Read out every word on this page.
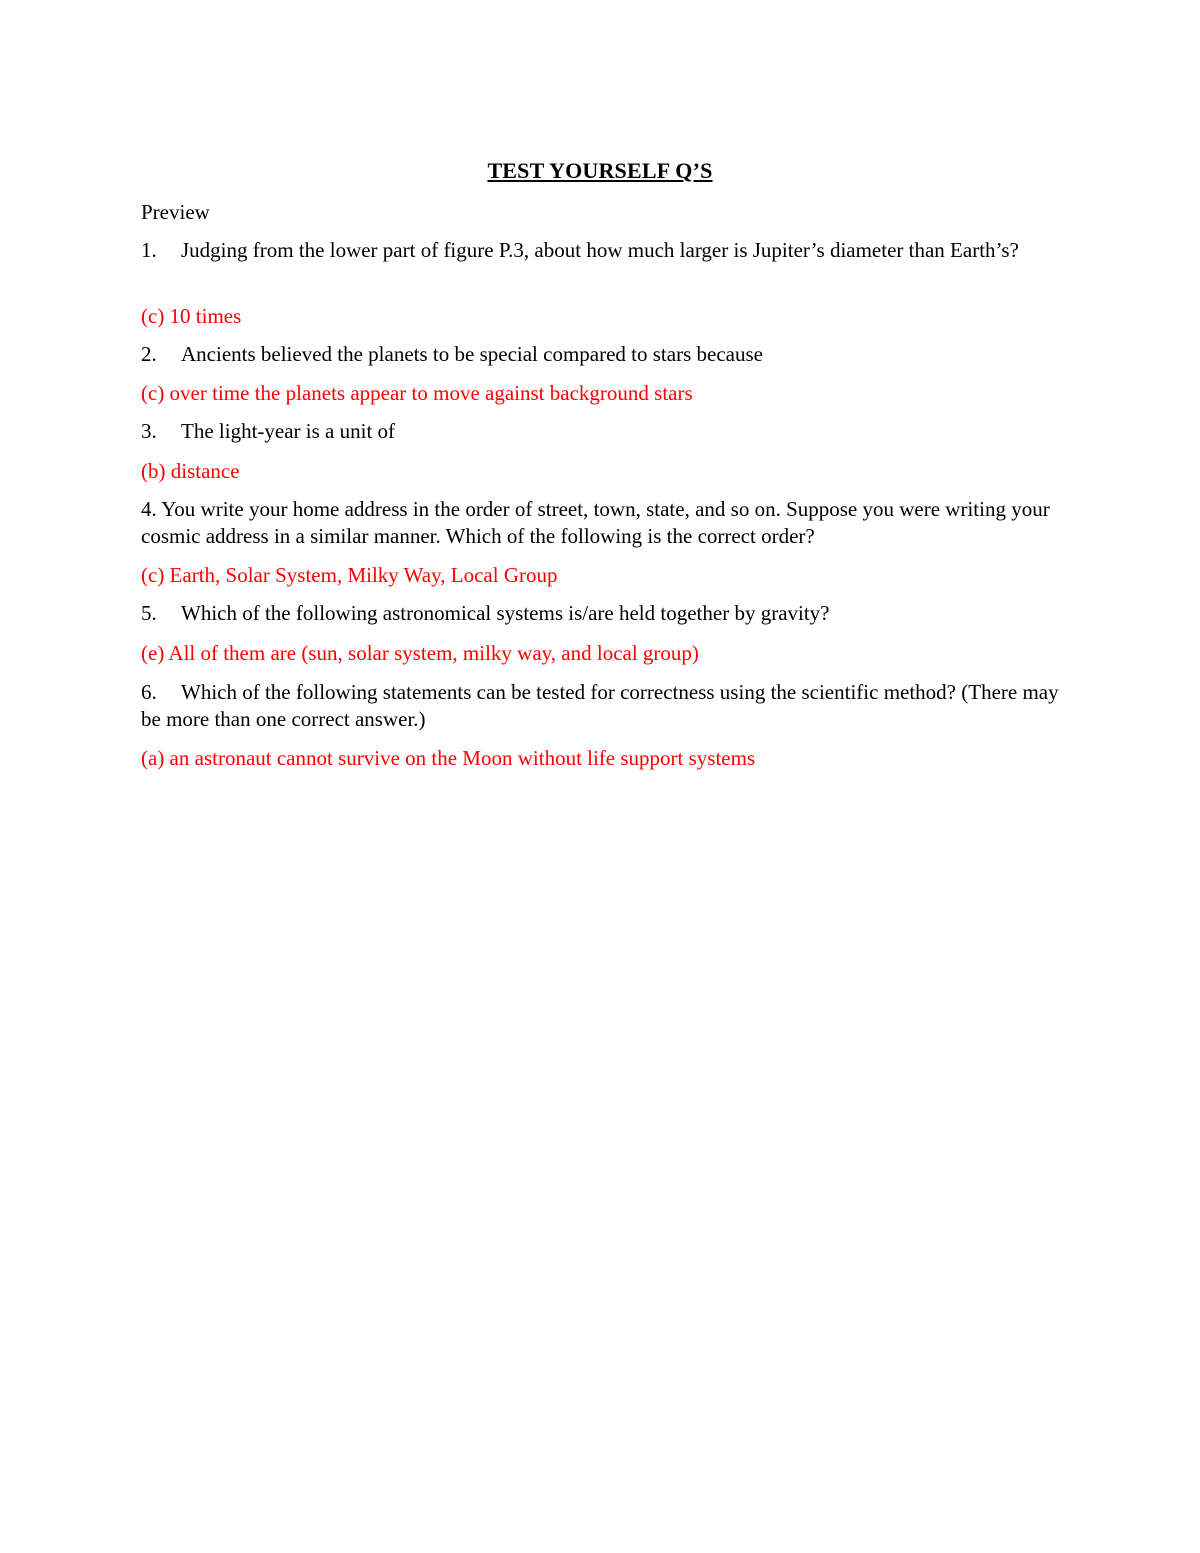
TEST YOURSELF Q’S
Preview
1. Judging from the lower part of figure P.3, about how much larger is Jupiter’s diameter than Earth’s?
(c) 10 times
2. Ancients believed the planets to be special compared to stars because
(c) over time the planets appear to move against background stars
3. The light-year is a unit of
(b) distance
4. You write your home address in the order of street, town, state, and so on. Suppose you were writing your cosmic address in a similar manner. Which of the following is the correct order?
(c) Earth, Solar System, Milky Way, Local Group
5. Which of the following astronomical systems is/are held together by gravity?
(e) All of them are (sun, solar system, milky way, and local group)
6. Which of the following statements can be tested for correctness using the scientific method? (There may be more than one correct answer.)
(a) an astronaut cannot survive on the Moon without life support systems
